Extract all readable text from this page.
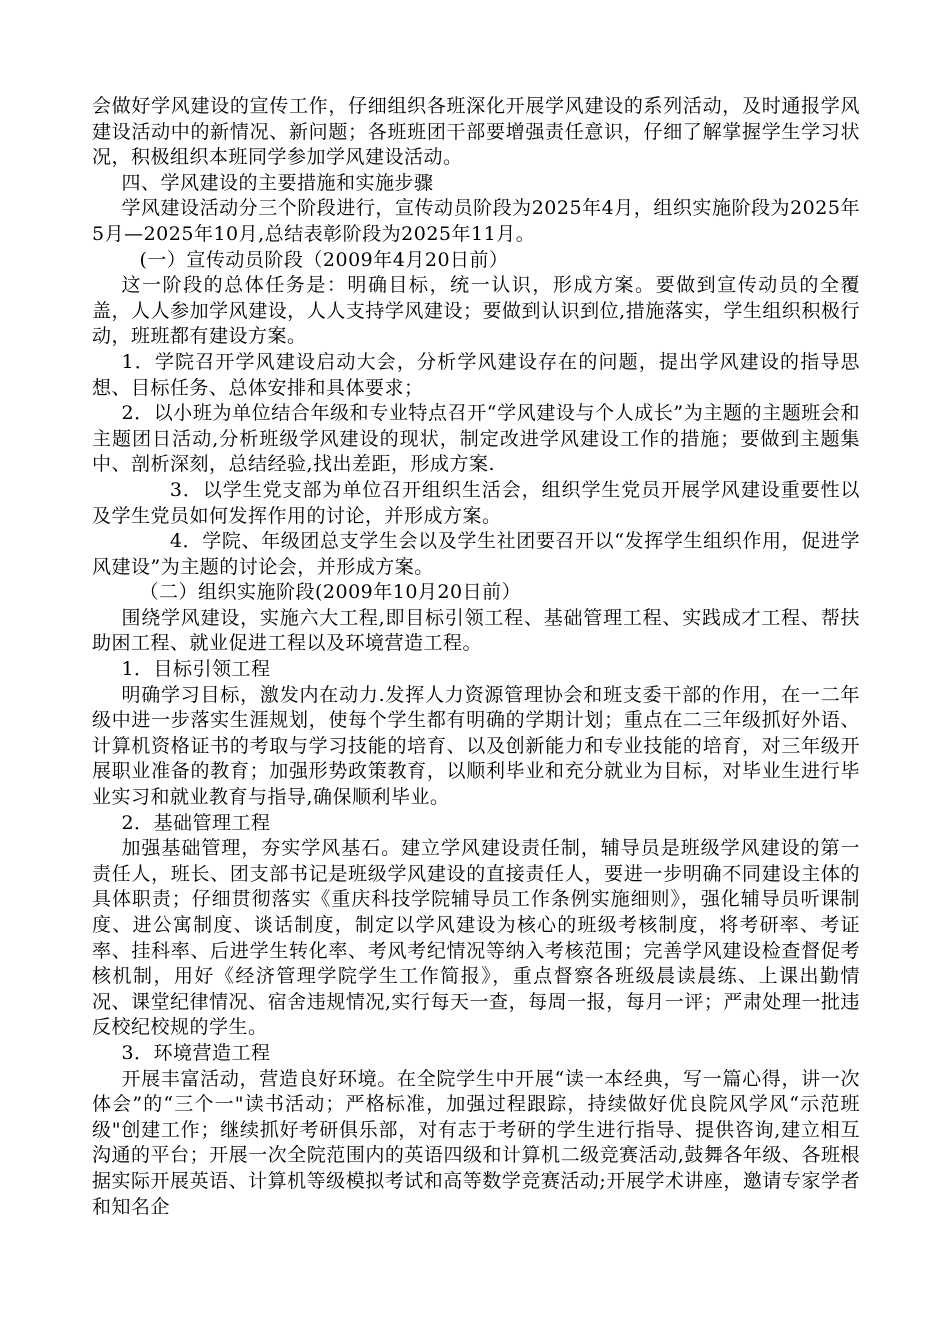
会做好学风建设的宣传工作，仔细组织各班深化开展学风建设的系列活动，及时通报学风建设活动中的新情况、新问题；各班班团干部要增强责任意识，仔细了解掌握学生学习状况，积极组织本班同学参加学风建设活动。

四、学风建设的主要措施和实施步骤

学风建设活动分三个阶段进行，宣传动员阶段为2025年4月，组织实施阶段为2025年5月—2025年10月,总结表彰阶段为2025年11月。

(一）宣传动员阶段（2009年4月20日前）

这一阶段的总体任务是：明确目标，统一认识，形成方案。要做到宣传动员的全覆盖，人人参加学风建设，人人支持学风建设；要做到认识到位,措施落实，学生组织积极行动，班班都有建设方案。

1．学院召开学风建设启动大会，分析学风建设存在的问题，提出学风建设的指导思想、目标任务、总体安排和具体要求；

2．以小班为单位结合年级和专业特点召开“学风建设与个人成长”为主题的主题班会和主题团日活动,分析班级学风建设的现状，制定改进学风建设工作的措施；要做到主题集中、剖析深刻，总结经验,找出差距，形成方案.

3．以学生党支部为单位召开组织生活会，组织学生党员开展学风建设重要性以及学生党员如何发挥作用的讨论，并形成方案。

4．学院、年级团总支学生会以及学生社团要召开以“发挥学生组织作用，促进学风建设”为主题的讨论会，并形成方案。

（二）组织实施阶段(2009年10月20日前）

围绕学风建设，实施六大工程,即目标引领工程、基础管理工程、实践成才工程、帮扶助困工程、就业促进工程以及环境营造工程。

1．目标引领工程

明确学习目标，激发内在动力.发挥人力资源管理协会和班支委干部的作用，在一二年级中进一步落实生涯规划，使每个学生都有明确的学期计划；重点在二三年级抓好外语、计算机资格证书的考取与学习技能的培育、以及创新能力和专业技能的培育，对三年级开展职业准备的教育；加强形势政策教育，以顺利毕业和充分就业为目标，对毕业生进行毕业实习和就业教育与指导,确保顺利毕业。

2．基础管理工程

加强基础管理，夯实学风基石。建立学风建设责任制，辅导员是班级学风建设的第一责任人，班长、团支部书记是班级学风建设的直接责任人，要进一步明确不同建设主体的具体职责；仔细贯彻落实《重庆科技学院辅导员工作条例实施细则》，强化辅导员听课制度、进公寓制度、谈话制度，制定以学风建设为核心的班级考核制度，将考研率、考证率、挂科率、后进学生转化率、考风考纪情况等纳入考核范围；完善学风建设检查督促考核机制，用好《经济管理学院学生工作简报》，重点督察各班级晨读晨练、上课出勤情况、课堂纪律情况、宿舍违规情况,实行每天一查，每周一报，每月一评；严肃处理一批违反校纪校规的学生。

3．环境营造工程

开展丰富活动，营造良好环境。在全院学生中开展“读一本经典，写一篇心得，讲一次体会”的“三个一"读书活动；严格标准，加强过程跟踪，持续做好优良院风学风“示范班级"创建工作；继续抓好考研俱乐部，对有志于考研的学生进行指导、提供咨询,建立相互沟通的平台；开展一次全院范围内的英语四级和计算机二级竞赛活动,鼓舞各年级、各班根据实际开展英语、计算机等级模拟考试和高等数学竞赛活动;开展学术讲座，邀请专家学者和知名企
